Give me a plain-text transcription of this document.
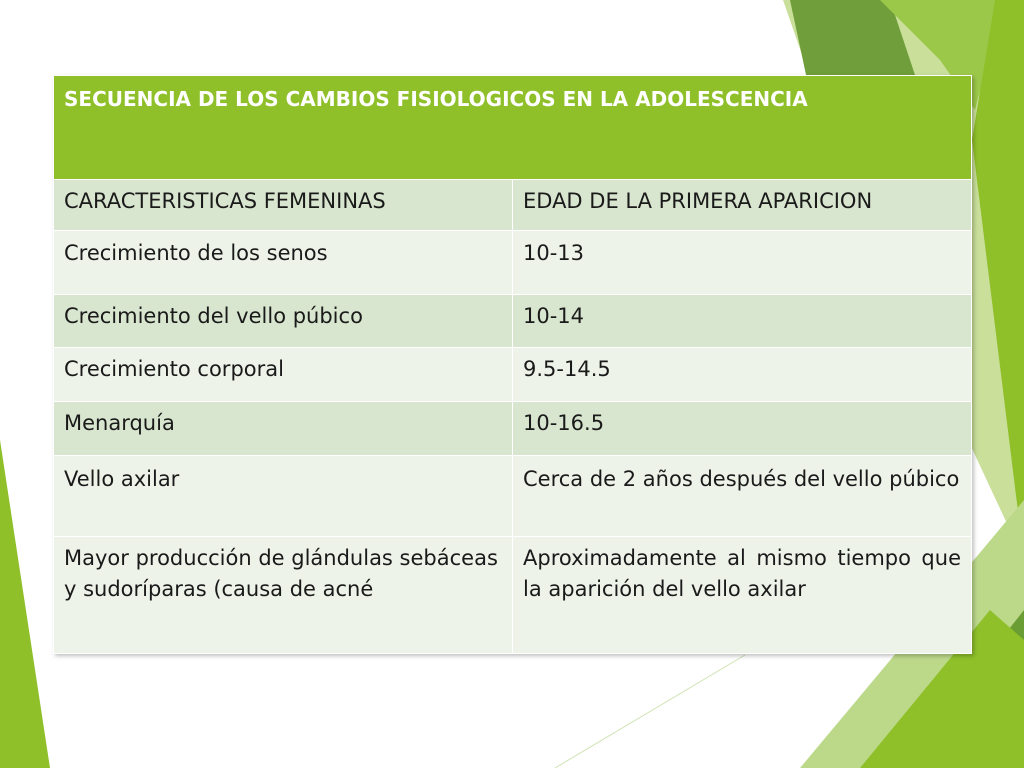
SECUENCIA DE LOS CAMBIOS FISIOLOGICOS EN LA ADOLESCENCIA	
CARACTERISTICAS FEMENINAS	EDAD DE LA PRIMERA APARICION
Crecimiento de los senos	10-13
Crecimiento del vello púbico	10-14
Crecimiento corporal	9.5-14.5
Menarquía	10-16.5
Vello axilar	Cerca de 2 años después del vello púbico
Mayor producción de glándulas sebáceas y sudoríparas (causa de acné	Aproximadamente al mismo tiempo que la aparición del vello axilar
